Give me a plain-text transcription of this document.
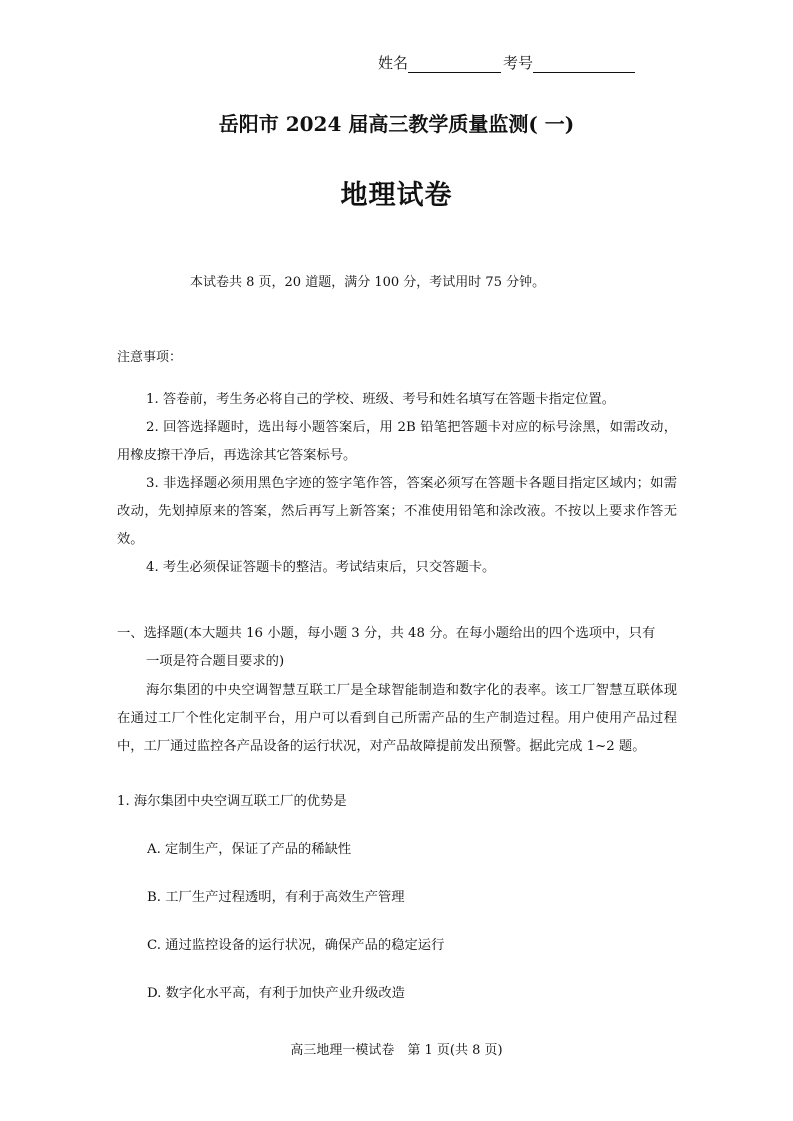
姓名	考号
岳阳市 2024 届高三教学质量监测( 一)
地理试卷
本试卷共 8 页，20 道题，满分 100 分，考试用时 75 分钟。
注意事项：

1. 答卷前，考生务必将自己的学校、班级、考号和姓名填写在答题卡指定位置。

2. 回答选择题时，选出每小题答案后，用 2B 铅笔把答题卡对应的标号涂黑，如需改动，用橡皮擦干净后，再选涂其它答案标号。

3. 非选择题必须用黑色字迹的签字笔作答，答案必须写在答题卡各题目指定区域内；如需改动，先划掉原来的答案，然后再写上新答案；不准使用铅笔和涂改液。不按以上要求作答无效。

4. 考生必须保证答题卡的整洁。考试结束后，只交答题卡。

一、选择题(本大题共 16 小题，每小题 3 分，共 48 分。在每小题给出的四个选项中，只有
一项是符合题目要求的)
海尔集团的中央空调智慧互联工厂是全球智能制造和数字化的表率。该工厂智慧互联体现在通过工厂个性化定制平台，用户可以看到自己所需产品的生产制造过程。用户使用产品过程中，工厂通过监控各产品设备的运行状况，对产品故障提前发出预警。据此完成 1~2 题。
1. 海尔集团中央空调互联工厂的优势是
A. 定制生产，保证了产品的稀缺性
B. 工厂生产过程透明，有利于高效生产管理
C. 通过监控设备的运行状况，确保产品的稳定运行
D. 数字化水平高，有利于加快产业升级改造
高三地理一模试卷　第 1 页(共 8 页)
